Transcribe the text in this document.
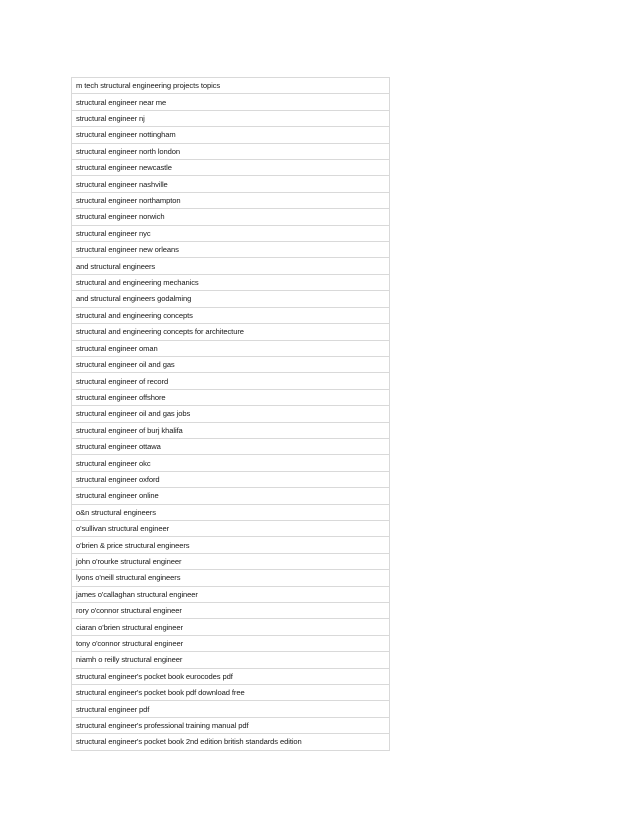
m tech structural engineering projects topics
structural engineer near me
structural engineer nj
structural engineer nottingham
structural engineer north london
structural engineer newcastle
structural engineer nashville
structural engineer northampton
structural engineer norwich
structural engineer nyc
structural engineer new orleans
and structural engineers
structural and engineering mechanics
and structural engineers godalming
structural and engineering concepts
structural and engineering concepts for architecture
structural engineer oman
structural engineer oil and gas
structural engineer of record
structural engineer offshore
structural engineer oil and gas jobs
structural engineer of burj khalifa
structural engineer ottawa
structural engineer okc
structural engineer oxford
structural engineer online
o&n structural engineers
o'sullivan structural engineer
o'brien & price structural engineers
john o'rourke structural engineer
lyons o'neill structural engineers
james o'callaghan structural engineer
rory o'connor structural engineer
ciaran o'brien structural engineer
tony o'connor structural engineer
niamh o reilly structural engineer
structural engineer's pocket book eurocodes pdf
structural engineer's pocket book pdf download free
structural engineer pdf
structural engineer's professional training manual pdf
structural engineer's pocket book 2nd edition british standards edition
